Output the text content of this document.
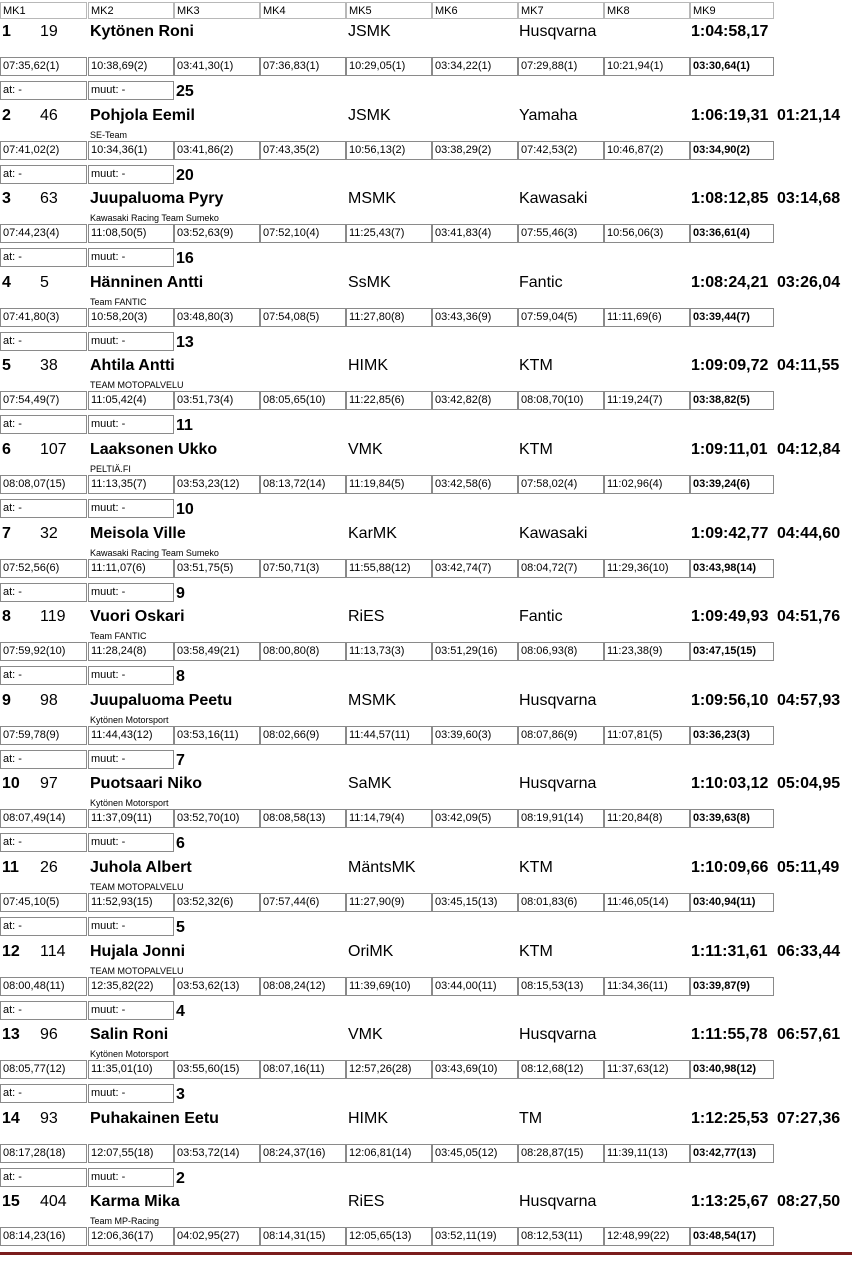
MK1	MK2	MK3	MK4	MK5	MK6	MK7	MK8	MK9
1 19 Kytönen Roni	JSMK	Husqvarna	1:04:58,17
07:35,62(1)	10:38,69(2)	03:41,30(1)	07:36,83(1)	10:29,05(1)	03:34,22(1)	07:29,88(1)	10:21,94(1)	03:30,64(1)
at: -	muut: -	25
2 46 Pohjola Eemil	JSMK	Yamaha	1:06:19,31 01:21,14
SE-Team
07:41,02(2)	10:34,36(1)	03:41,86(2)	07:43,35(2)	10:56,13(2)	03:38,29(2)	07:42,53(2)	10:46,87(2)	03:34,90(2)
at: -	muut: -	20
3 63 Juupaluoma Pyry	MSMK	Kawasaki	1:08:12,85 03:14,68
Kawasaki Racing Team Sumeko
07:44,23(4)	11:08,50(5)	03:52,63(9)	07:52,10(4)	11:25,43(7)	03:41,83(4)	07:55,46(3)	10:56,06(3)	03:36,61(4)
at: -	muut: -	16
4 5	Hänninen Antti	SsMK	Fantic	1:08:24,21 03:26,04
Team FANTIC
07:41,80(3)	10:58,20(3)	03:48,80(3)	07:54,08(5)	11:27,80(8)	03:43,36(9)	07:59,04(5)	11:11,69(6)	03:39,44(7)
at: -	muut: -	13
5 38 Ahtila Antti	HIMK	KTM	1:09:09,72 04:11,55
TEAM MOTOPALVELU
07:54,49(7)	11:05,42(4)	03:51,73(4)	08:05,65(10)	11:22,85(6)	03:42,82(8)	08:08,70(10)	11:19,24(7)	03:38,82(5)
at: -	muut: -	11
6 107 Laaksonen Ukko	VMK	KTM	1:09:11,01 04:12,84
PELTIÄ.FI
08:08,07(15)	11:13,35(7)	03:53,23(12)	08:13,72(14)	11:19,84(5)	03:42,58(6)	07:58,02(4)	11:02,96(4)	03:39,24(6)
at: -	muut: -	10
7 32 Meisola Ville	KarMK	Kawasaki	1:09:42,77 04:44,60
Kawasaki Racing Team Sumeko
07:52,56(6)	11:11,07(6)	03:51,75(5)	07:50,71(3)	11:55,88(12)	03:42,74(7)	08:04,72(7)	11:29,36(10)	03:43,98(14)
at: -	muut: -	9
8 119 Vuori Oskari	RiES	Fantic	1:09:49,93 04:51,76
Team FANTIC
07:59,92(10)	11:28,24(8)	03:58,49(21)	08:00,80(8)	11:13,73(3)	03:51,29(16)	08:06,93(8)	11:23,38(9)	03:47,15(15)
at: -	muut: -	8
9 98 Juupaluoma Peetu	MSMK	Husqvarna	1:09:56,10 04:57,93
Kytönen Motorsport
07:59,78(9)	11:44,43(12)	03:53,16(11)	08:02,66(9)	11:44,57(11)	03:39,60(3)	08:07,86(9)	11:07,81(5)	03:36,23(3)
at: -	muut: -	7
10 97 Puotsaari Niko	SaMK	Husqvarna	1:10:03,12 05:04,95
Kytönen Motorsport
08:07,49(14)	11:37,09(11)	03:52,70(10)	08:08,58(13)	11:14,79(4)	03:42,09(5)	08:19,91(14)	11:20,84(8)	03:39,63(8)
at: -	muut: -	6
11 26 Juhola Albert	MäntsMK	KTM	1:10:09,66 05:11,49
TEAM MOTOPALVELU
07:45,10(5)	11:52,93(15)	03:52,32(6)	07:57,44(6)	11:27,90(9)	03:45,15(13)	08:01,83(6)	11:46,05(14)	03:40,94(11)
at: -	muut: -	5
12 114 Hujala Jonni	OriMK	KTM	1:11:31,61 06:33,44
TEAM MOTOPALVELU
08:00,48(11)	12:35,82(22)	03:53,62(13)	08:08,24(12)	11:39,69(10)	03:44,00(11)	08:15,53(13)	11:34,36(11)	03:39,87(9)
at: -	muut: -	4
13 96 Salin Roni	VMK	Husqvarna	1:11:55,78 06:57,61
Kytönen Motorsport
08:05,77(12)	11:35,01(10)	03:55,60(15)	08:07,16(11)	12:57,26(28)	03:43,69(10)	08:12,68(12)	11:37,63(12)	03:40,98(12)
at: -	muut: -	3
14 93 Puhakainen Eetu	HIMK	TM	1:12:25,53 07:27,36
08:17,28(18)	12:07,55(18)	03:53,72(14)	08:24,37(16)	12:06,81(14)	03:45,05(12)	08:28,87(15)	11:39,11(13)	03:42,77(13)
at: -	muut: -	2
15 404 Karma Mika	RiES	Husqvarna	1:13:25,67 08:27,50
Team MP-Racing
08:14,23(16)	12:06,36(17)	04:02,95(27)	08:14,31(15)	12:05,65(13)	03:52,11(19)	08:12,53(11)	12:48,99(22)	03:48,54(17)
